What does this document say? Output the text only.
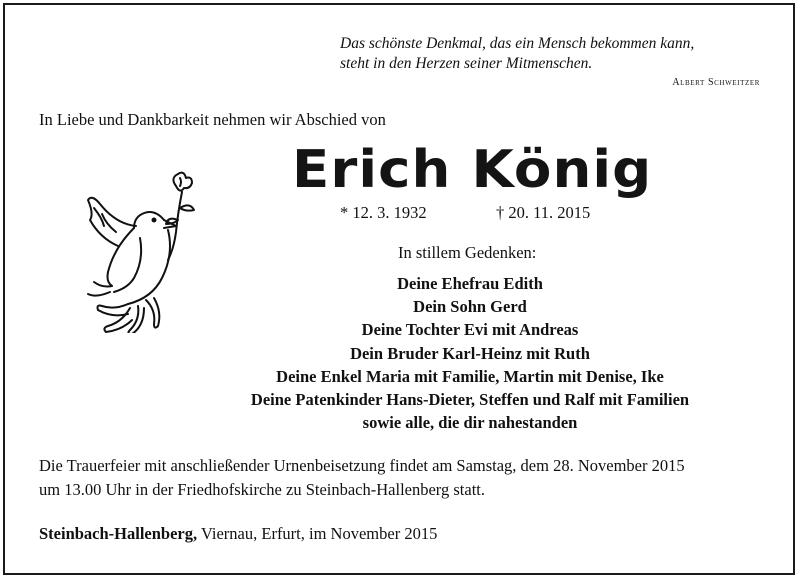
Das schönste Denkmal, das ein Mensch bekommen kann,
steht in den Herzen seiner Mitmenschen.
Albert Schweitzer
In Liebe und Dankbarkeit nehmen wir Abschied von
Erich König
* 12. 3. 1932	† 20. 11. 2015
In stillem Gedenken:
Deine Ehefrau Edith
Dein Sohn Gerd
Deine Tochter Evi mit Andreas
Dein Bruder Karl-Heinz mit Ruth
Deine Enkel Maria mit Familie, Martin mit Denise, Ike
Deine Patenkinder Hans-Dieter, Steffen und Ralf mit Familien
sowie alle, die dir nahestanden
Die Trauerfeier mit anschließender Urnenbeisetzung findet am Samstag, dem 28. November 2015
um 13.00 Uhr in der Friedhofskirche zu Steinbach-Hallenberg statt.
Steinbach-Hallenberg, Viernau, Erfurt, im November 2015
